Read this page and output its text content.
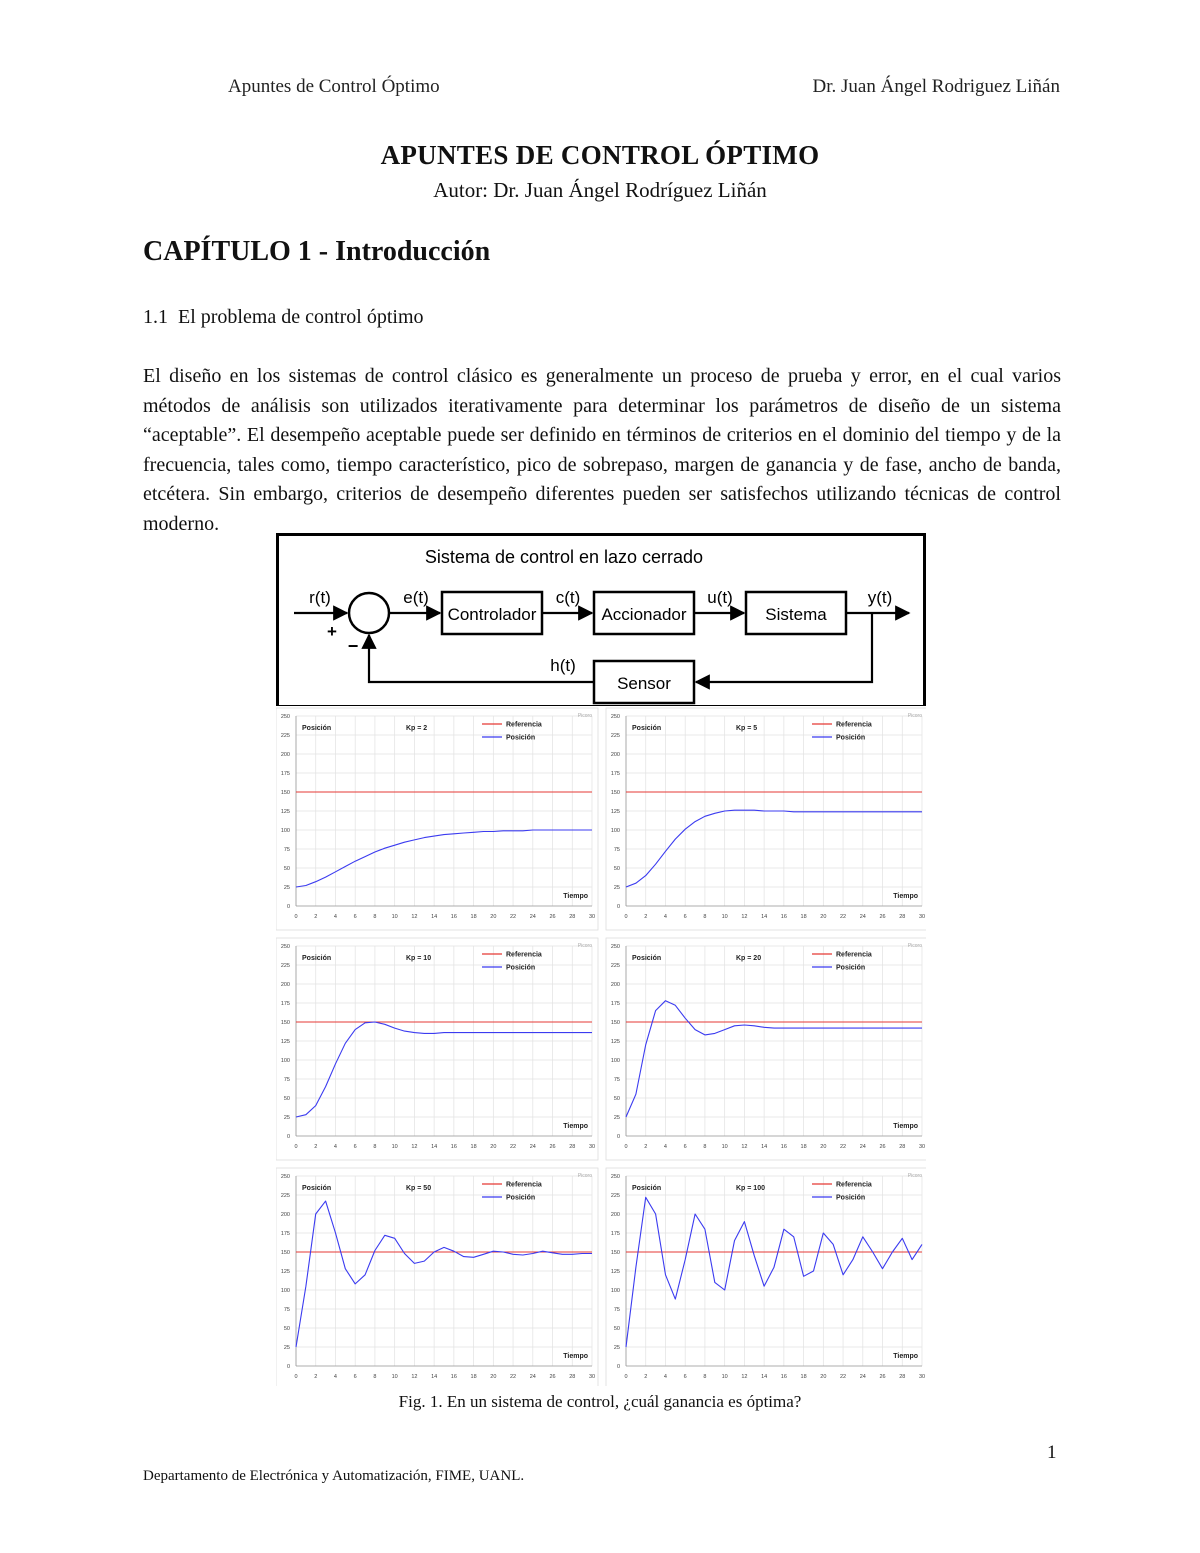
Apuntes de Control Óptimo	Dr. Juan Ángel Rodriguez Liñán
APUNTES DE CONTROL ÓPTIMO
Autor: Dr. Juan Ángel Rodríguez Liñán
CAPÍTULO 1 - Introducción
1.1 El problema de control óptimo
El diseño en los sistemas de control clásico es generalmente un proceso de prueba y error, en el cual varios métodos de análisis son utilizados iterativamente para determinar los parámetros de diseño de un sistema “aceptable”. El desempeño aceptable puede ser definido en términos de criterios en el dominio del tiempo y de la frecuencia, tales como, tiempo característico, pico de sobrepaso, margen de ganancia y de fase, ancho de banda, etcétera. Sin embargo, criterios de desempeño diferentes pueden ser satisfechos utilizando técnicas de control moderno.
Sistema de control en lazo cerrado
Controlador	Accionador	Sistema
Sensor
r(t)	e(t)	c(t)	u(t)	y(t)
h(t)
+
−
0
25
50
75
100
125
150
175
200
225
250
0	2	4	6	8	10 12 14 16 18 20 22 24 26 28 30
Posición	Kp = 2
Tiempo
Picoro
Referencia
Posición
0
25
50
75
100
125
150
175
200
225
250
0	2	4	6	8	10 12 14 16 18 20 22 24 26 28 30
Posición	Kp = 5
Tiempo
Picoro
Referencia
Posición
0
25
50
75
100
125
150
175
200
225
250
0	2	4	6	8	10 12 14 16 18 20 22 24 26 28 30
Posición	Kp = 10
Tiempo
Picoro
Referencia
Posición
0
25
50
75
100
125
150
175
200
225
250
0	2	4	6	8	10 12 14 16 18 20 22 24 26 28 30
Posición	Kp = 20
Tiempo
Picoro
Referencia
Posición
0
25
50
75
100
125
150
175
200
225
250
0	2	4	6	8	10 12 14 16 18 20 22 24 26 28 30
Posición	Kp = 50
Tiempo
Picoro
Referencia
Posición
0
25
50
75
100
125
150
175
200
225
250
0	2	4	6	8	10 12 14 16 18 20 22 24 26 28 30
Posición	Kp = 100
Tiempo
Picoro
Referencia
Posición
Fig. 1. En un sistema de control, ¿cuál ganancia es óptima?
1
Departamento de Electrónica y Automatización, FIME, UANL.
